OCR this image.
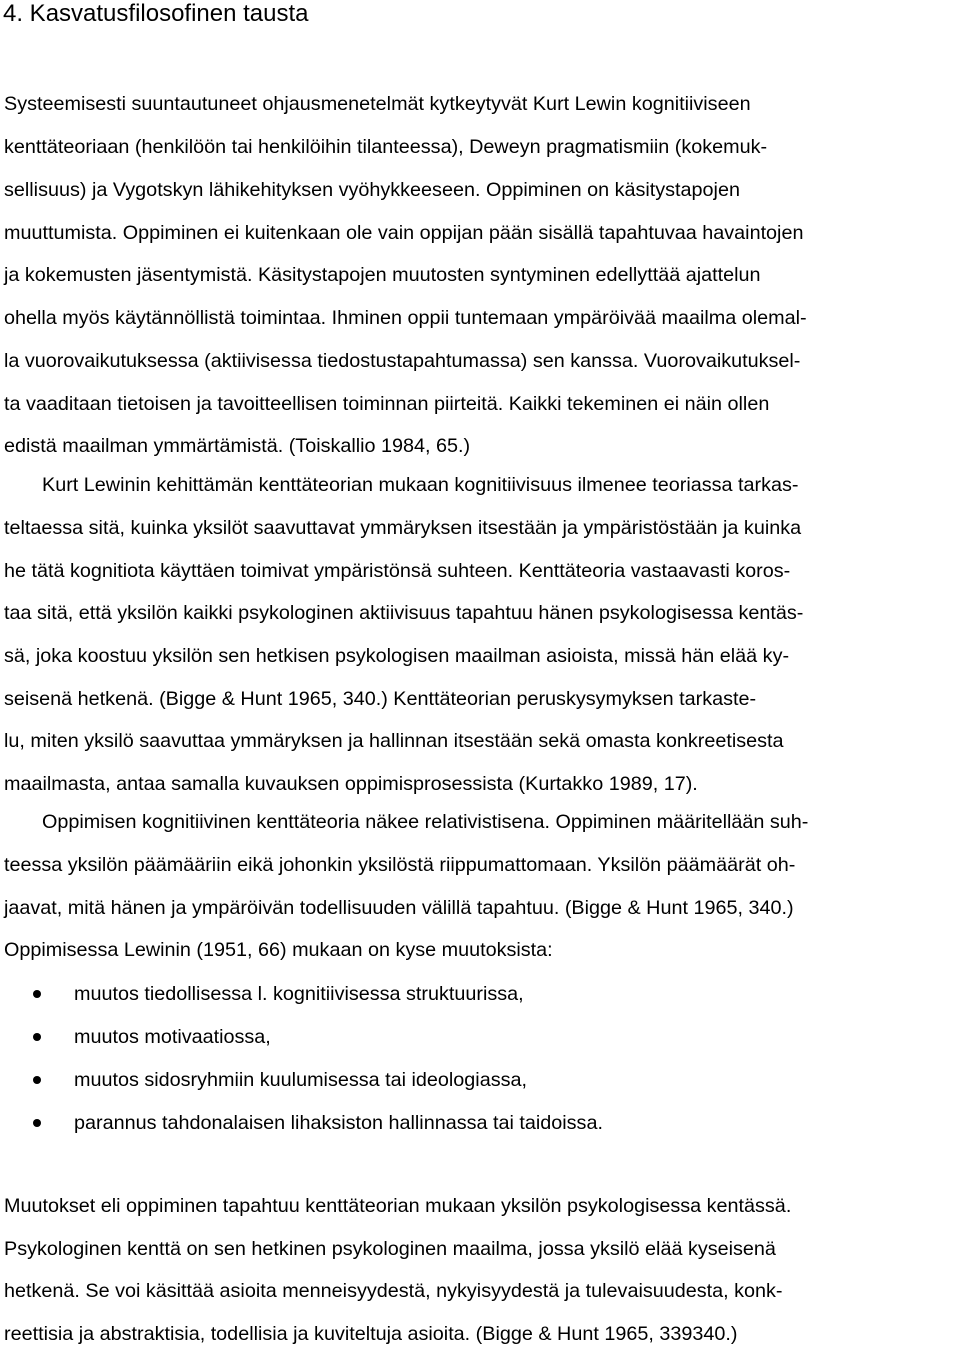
4. Kasvatusfilosofinen tausta
Systeemisesti suuntautuneet ohjausmenetelmät kytkeytyvät Kurt Lewin kognitiiviseen
kenttäteoriaan (henkilöön tai henkilöihin tilanteessa), Deweyn pragmatismiin (kokemuk-
sellisuus) ja Vygotskyn lähikehityksen vyöhykkeeseen. Oppiminen on käsitystapojen
muuttumista. Oppiminen ei kuitenkaan ole vain oppijan pään sisällä tapahtuvaa havaintojen
ja kokemusten jäsentymistä. Käsitystapojen muutosten syntyminen edellyttää ajattelun
ohella myös käytännöllistä toimintaa. Ihminen oppii tuntemaan ympäröivää maailma olemal-
la vuorovaikutuksessa (aktiivisessa tiedostustapahtumassa) sen kanssa. Vuorovaikutuksel-
ta vaaditaan tietoisen ja tavoitteellisen toiminnan piirteitä. Kaikki tekeminen ei näin ollen
edistä maailman ymmärtämistä. (Toiskallio 1984, 65.)
Kurt Lewinin kehittämän kenttäteorian mukaan kognitiivisuus ilmenee teoriassa tarkas-
teltaessa sitä, kuinka yksilöt saavuttavat ymmäryksen itsestään ja ympäristöstään ja kuinka
he tätä kognitiota käyttäen toimivat ympäristönsä suhteen. Kenttäteoria vastaavasti koros-
taa sitä, että yksilön kaikki psykologinen aktiivisuus tapahtuu hänen psykologisessa kentäs-
sä, joka koostuu yksilön sen hetkisen psykologisen maailman asioista, missä hän elää ky-
seisenä hetkenä. (Bigge & Hunt 1965, 340.) Kenttäteorian peruskysymyksen tarkaste-
lu, miten yksilö saavuttaa ymmäryksen ja hallinnan itsestään sekä omasta konkreetisesta
maailmasta, antaa samalla kuvauksen oppimisprosessista (Kurtakko 1989, 17).
Oppimisen kognitiivinen kenttäteoria näkee relativistisena. Oppiminen määritellään suh-
teessa yksilön päämääriin eikä johonkin yksilöstä riippumattomaan. Yksilön päämäärät oh-
jaavat, mitä hänen ja ympäröivän todellisuuden välillä tapahtuu. (Bigge & Hunt 1965, 340.)
Oppimisessa Lewinin (1951, 66) mukaan on kyse muutoksista:
muutos tiedollisessa l. kognitiivisessa struktuurissa,
muutos motivaatiossa,
muutos sidosryhmiin kuulumisessa tai ideologiassa,
parannus tahdonalaisen lihaksiston hallinnassa tai taidoissa.
Muutokset eli oppiminen tapahtuu kenttäteorian mukaan yksilön psykologisessa kentässä.
Psykologinen kenttä on sen hetkinen psykologinen maailma, jossa yksilö elää kyseisenä
hetkenä. Se voi käsittää asioita menneisyydestä, nykyisyydestä ja tulevaisuudesta, konk-
reettisia ja abstraktisia, todellisia ja kuviteltuja asioita. (Bigge & Hunt 1965, 339340.)
